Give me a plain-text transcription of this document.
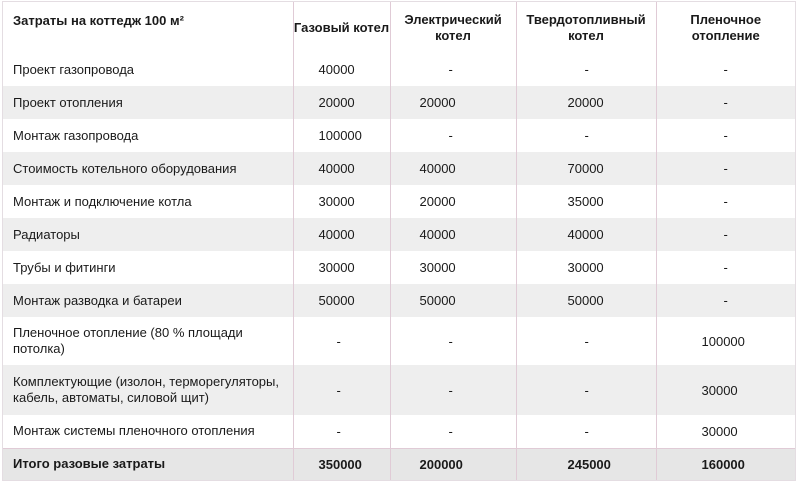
Затраты на коттедж 100 м²	Газовый котел	Электрический котел	Твердотопливный котел	Пленочное отопление
Проект газопровода	40000	-	-	-
Проект отопления	20000	20000	20000	-
Монтаж газопровода	100000	-	-	-
Стоимость котельного оборудования	40000	40000	70000	-
Монтаж и подключение котла	30000	20000	35000	-
Радиаторы	40000	40000	40000	-
Трубы и фитинги	30000	30000	30000	-
Монтаж разводка и батареи	50000	50000	50000	-
Пленочное отопление (80 % площади потолка)	-	-	-	100000
Комплектующие (изолон, терморегуляторы, кабель, автоматы, силовой щит)	-	-	-	30000
Монтаж системы пленочного отопления	-	-	-	30000
Итого разовые затраты	350000	200000	245000	160000
